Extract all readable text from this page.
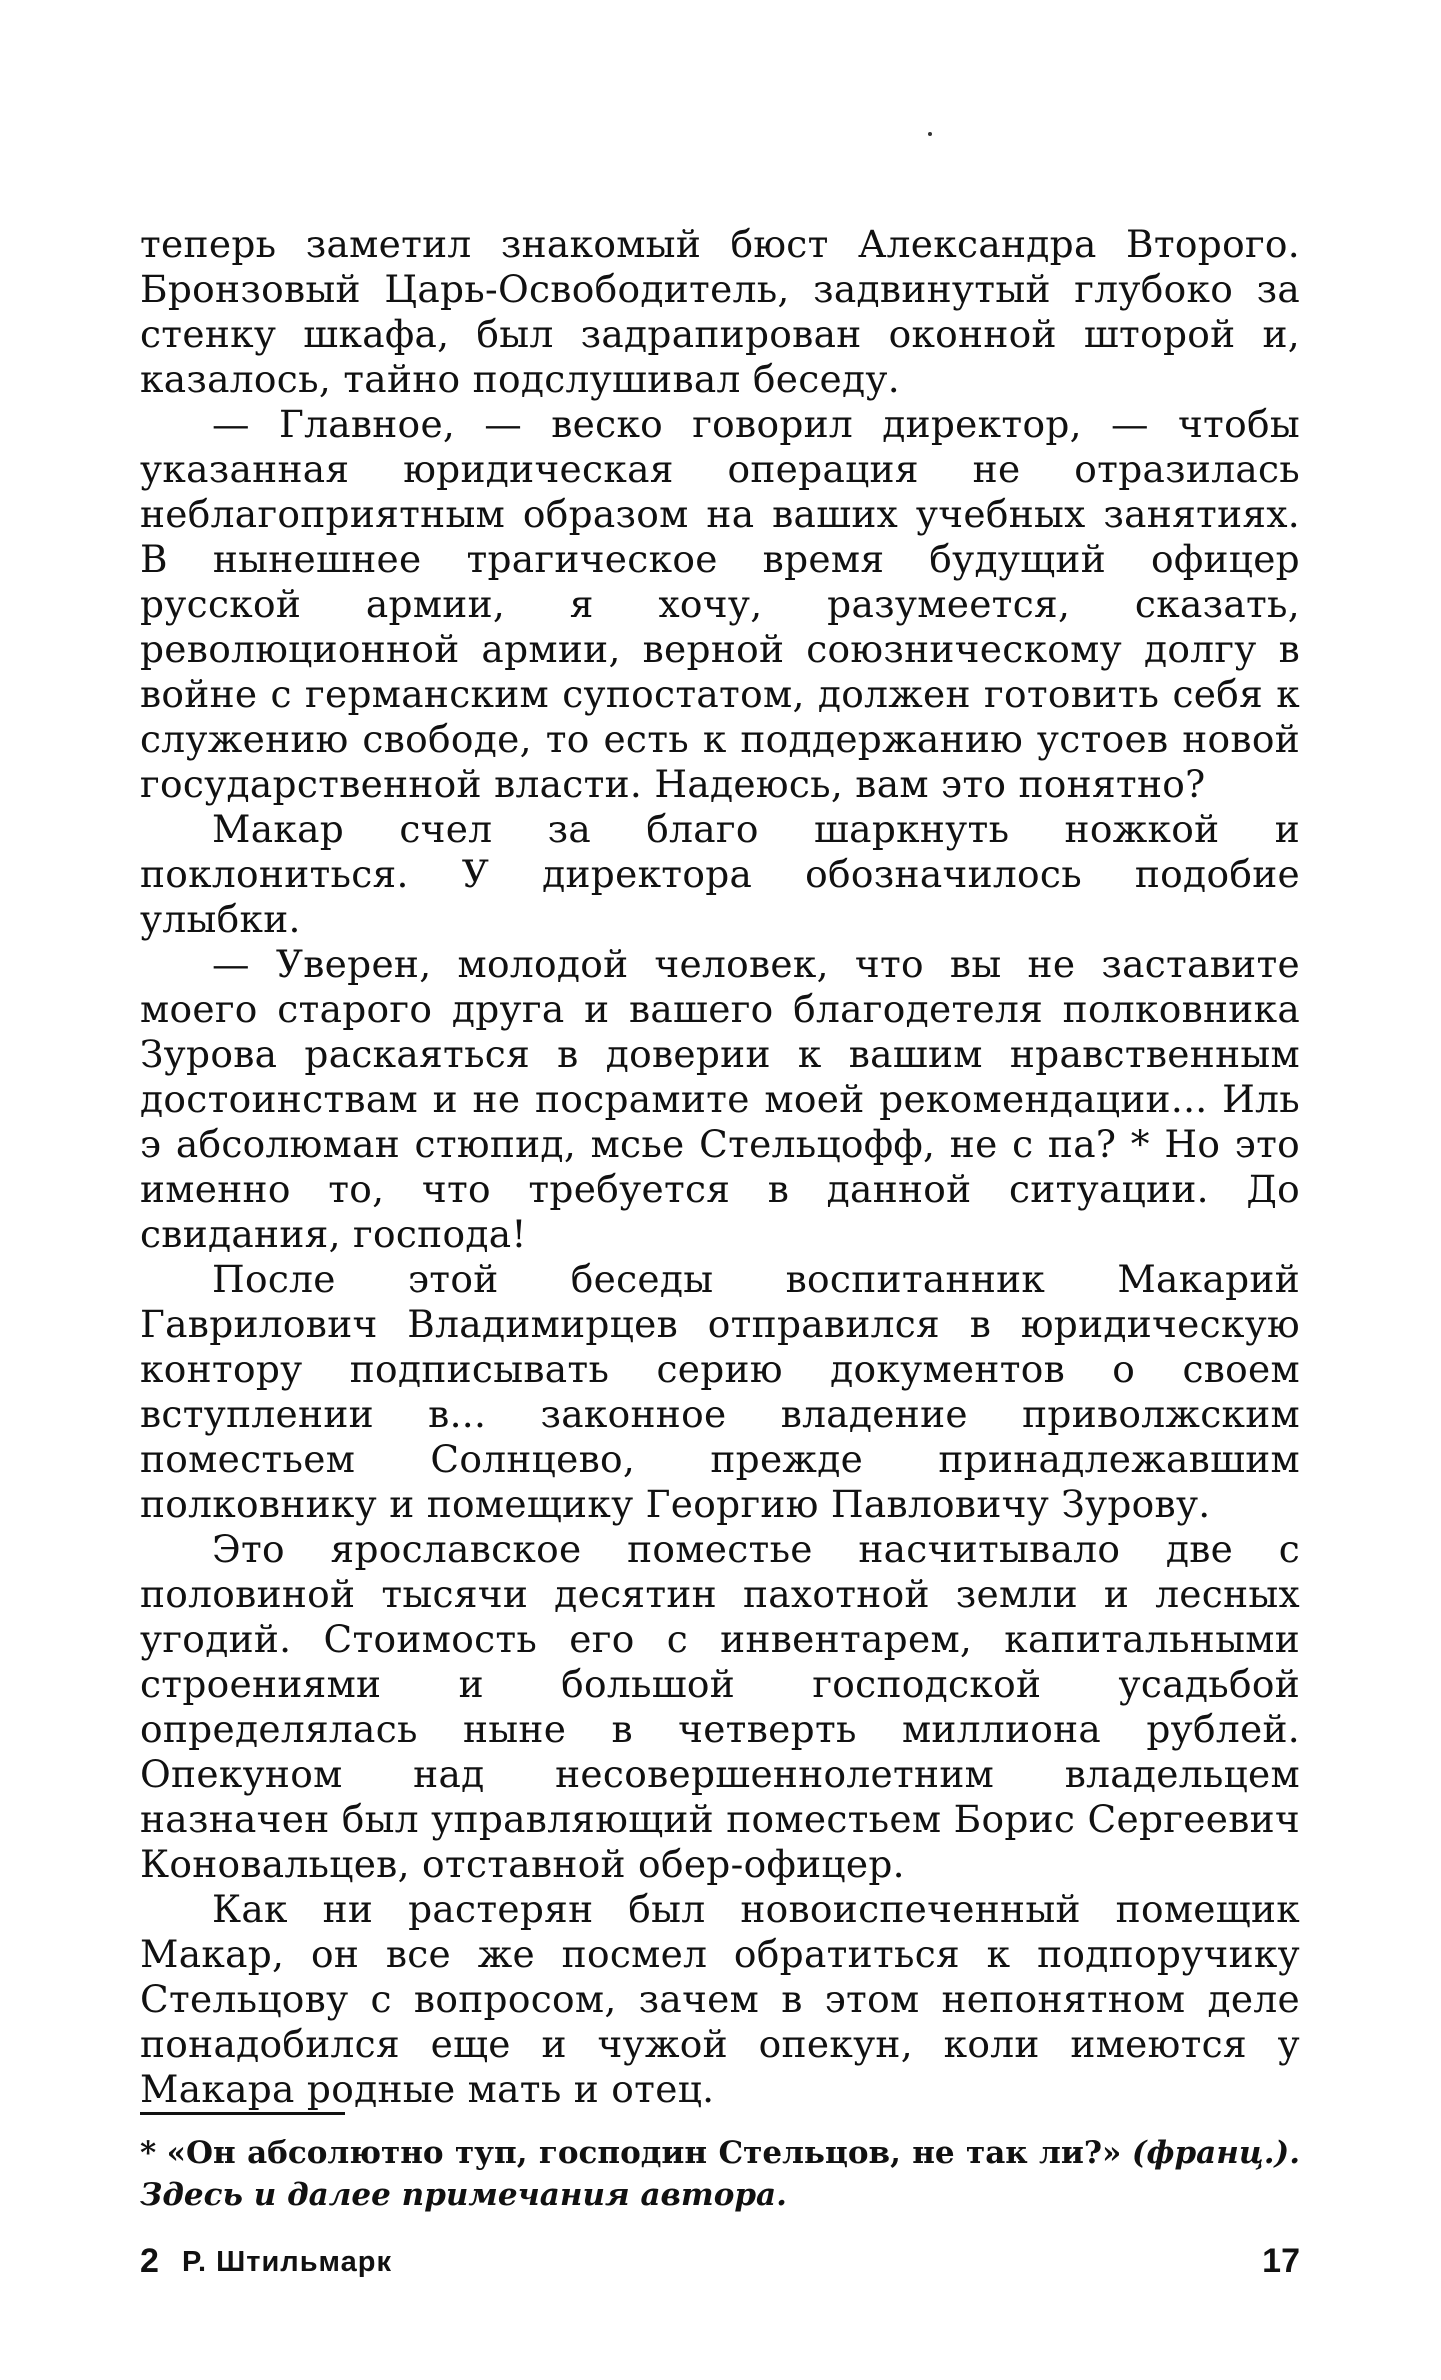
теперь заметил знакомый бюст Александра Второго. Бронзовый Царь-Освободитель, задвинутый глубоко за стенку шкафа, был задрапирован оконной шторой и, казалось, тайно подслушивал беседу.

— Главное, — веско говорил директор, — чтобы указанная юридическая операция не отразилась неблагоприятным образом на ваших учебных занятиях. В нынешнее трагическое время будущий офицер русской армии, я хочу, разумеется, сказать, революционной армии, верной союзническому долгу в войне с германским супостатом, должен готовить себя к служению свободе, то есть к поддержанию устоев новой государственной власти. Надеюсь, вам это понятно?

Макар счел за благо шаркнуть ножкой и поклониться. У директора обозначилось подобие улыбки.

— Уверен, молодой человек, что вы не заставите моего старого друга и вашего благодетеля полковника Зурова раскаяться в доверии к вашим нравственным достоинствам и не посрамите моей рекомендации... Иль э абсолюман стюпид, мсье Стельцофф, не с па? * Но это именно то, что требуется в данной ситуации. До свидания, господа!

После этой беседы воспитанник Макарий Гаврилович Владимирцев отправился в юридическую контору подписывать серию документов о своем вступлении в... законное владение приволжским поместьем Солнцево, прежде принадлежавшим полковнику и помещику Георгию Павловичу Зурову.

Это ярославское поместье насчитывало две с половиной тысячи десятин пахотной земли и лесных угодий. Стоимость его с инвентарем, капитальными строениями и большой господской усадьбой определялась ныне в четверть миллиона рублей. Опекуном над несовершеннолетним владельцем назначен был управляющий поместьем Борис Сергеевич Коновальцев, отставной обер-офицер.

Как ни растерян был новоиспеченный помещик Макар, он все же посмел обратиться к подпоручику Стельцову с вопросом, зачем в этом непонятном деле понадобился еще и чужой опекун, коли имеются у Макара родные мать и отец.

* «Он абсолютно туп, господин Стельцов, не так ли?» (франц.). Здесь и далее примечания автора.
2 Р. Штильмарк	17
